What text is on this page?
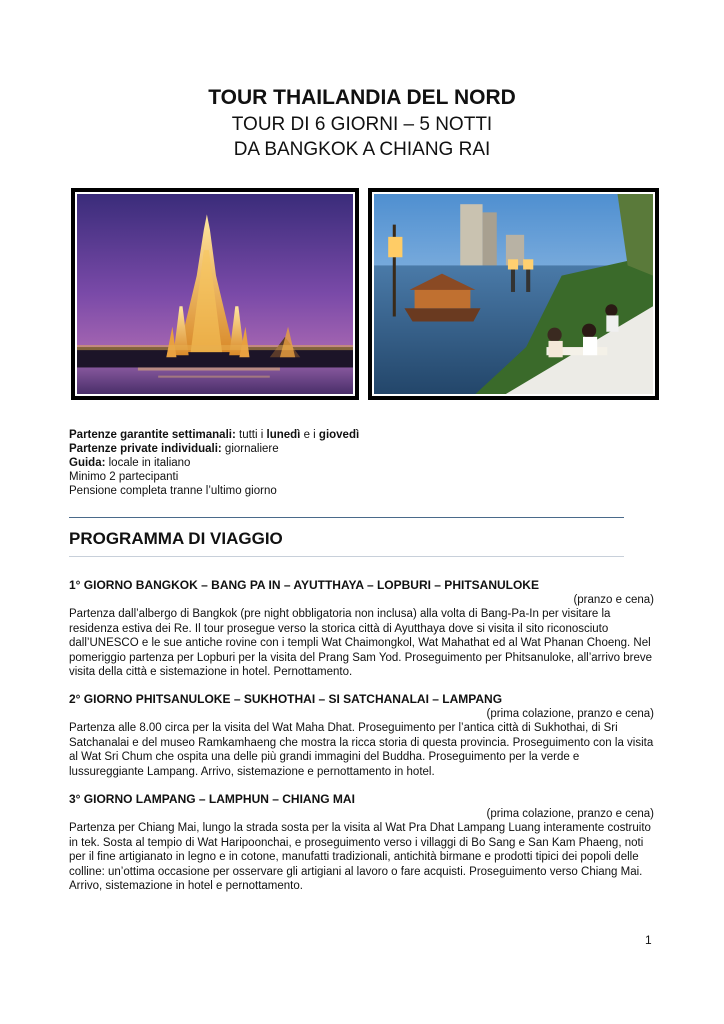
TOUR THAILANDIA DEL NORD

TOUR DI 6 GIORNI – 5 NOTTI

DA BANGKOK A CHIANG RAI

Partenze garantite settimanali: tutti i lunedì e i giovedì
Partenze private individuali: giornaliere
Guida: locale in italiano
Minimo 2 partecipanti
Pensione completa tranne l’ultimo giorno
PROGRAMMA DI VIAGGIO
1° GIORNO BANGKOK – BANG PA IN – AYUTTHAYA – LOPBURI – PHITSANULOKE
(pranzo e cena)

Partenza dall’albergo di Bangkok (pre night obbligatoria non inclusa) alla volta di Bang-Pa-In per visitare la residenza estiva dei Re. Il tour prosegue verso la storica città di Ayutthaya dove si visita il sito riconosciuto dall’UNESCO e le sue antiche rovine con i templi Wat Chaimongkol, Wat Mahathat ed al Wat Phanan Choeng. Nel pomeriggio partenza per Lopburi per la visita del Prang Sam Yod. Proseguimento per Phitsanuloke, all’arrivo breve visita della città e sistemazione in hotel. Pernottamento.

2° GIORNO PHITSANULOKE – SUKHOTHAI – SI SATCHANALAI – LAMPANG
(prima colazione, pranzo e cena)

Partenza alle 8.00 circa per la visita del Wat Maha Dhat. Proseguimento per l’antica città di Sukhothai, di Sri Satchanalai e del museo Ramkamhaeng che mostra la ricca storia di questa provincia. Proseguimento con la visita al Wat Sri Chum che ospita una delle più grandi immagini del Buddha. Proseguimento per la verde e lussureggiante Lampang. Arrivo, sistemazione e pernottamento in hotel.

3° GIORNO LAMPANG – LAMPHUN – CHIANG MAI
(prima colazione, pranzo e cena)

Partenza per Chiang Mai, lungo la strada sosta per la visita al Wat Pra Dhat Lampang Luang interamente costruito in tek. Sosta al tempio di Wat Haripoonchai, e proseguimento verso i villaggi di Bo Sang e San Kam Phaeng, noti per il fine artigianato in legno e in cotone, manufatti tradizionali, antichità birmane e prodotti tipici dei popoli delle colline: un’ottima occasione per osservare gli artigiani al lavoro o fare acquisti. Proseguimento verso Chiang Mai. Arrivo, sistemazione in hotel e pernottamento.

1
